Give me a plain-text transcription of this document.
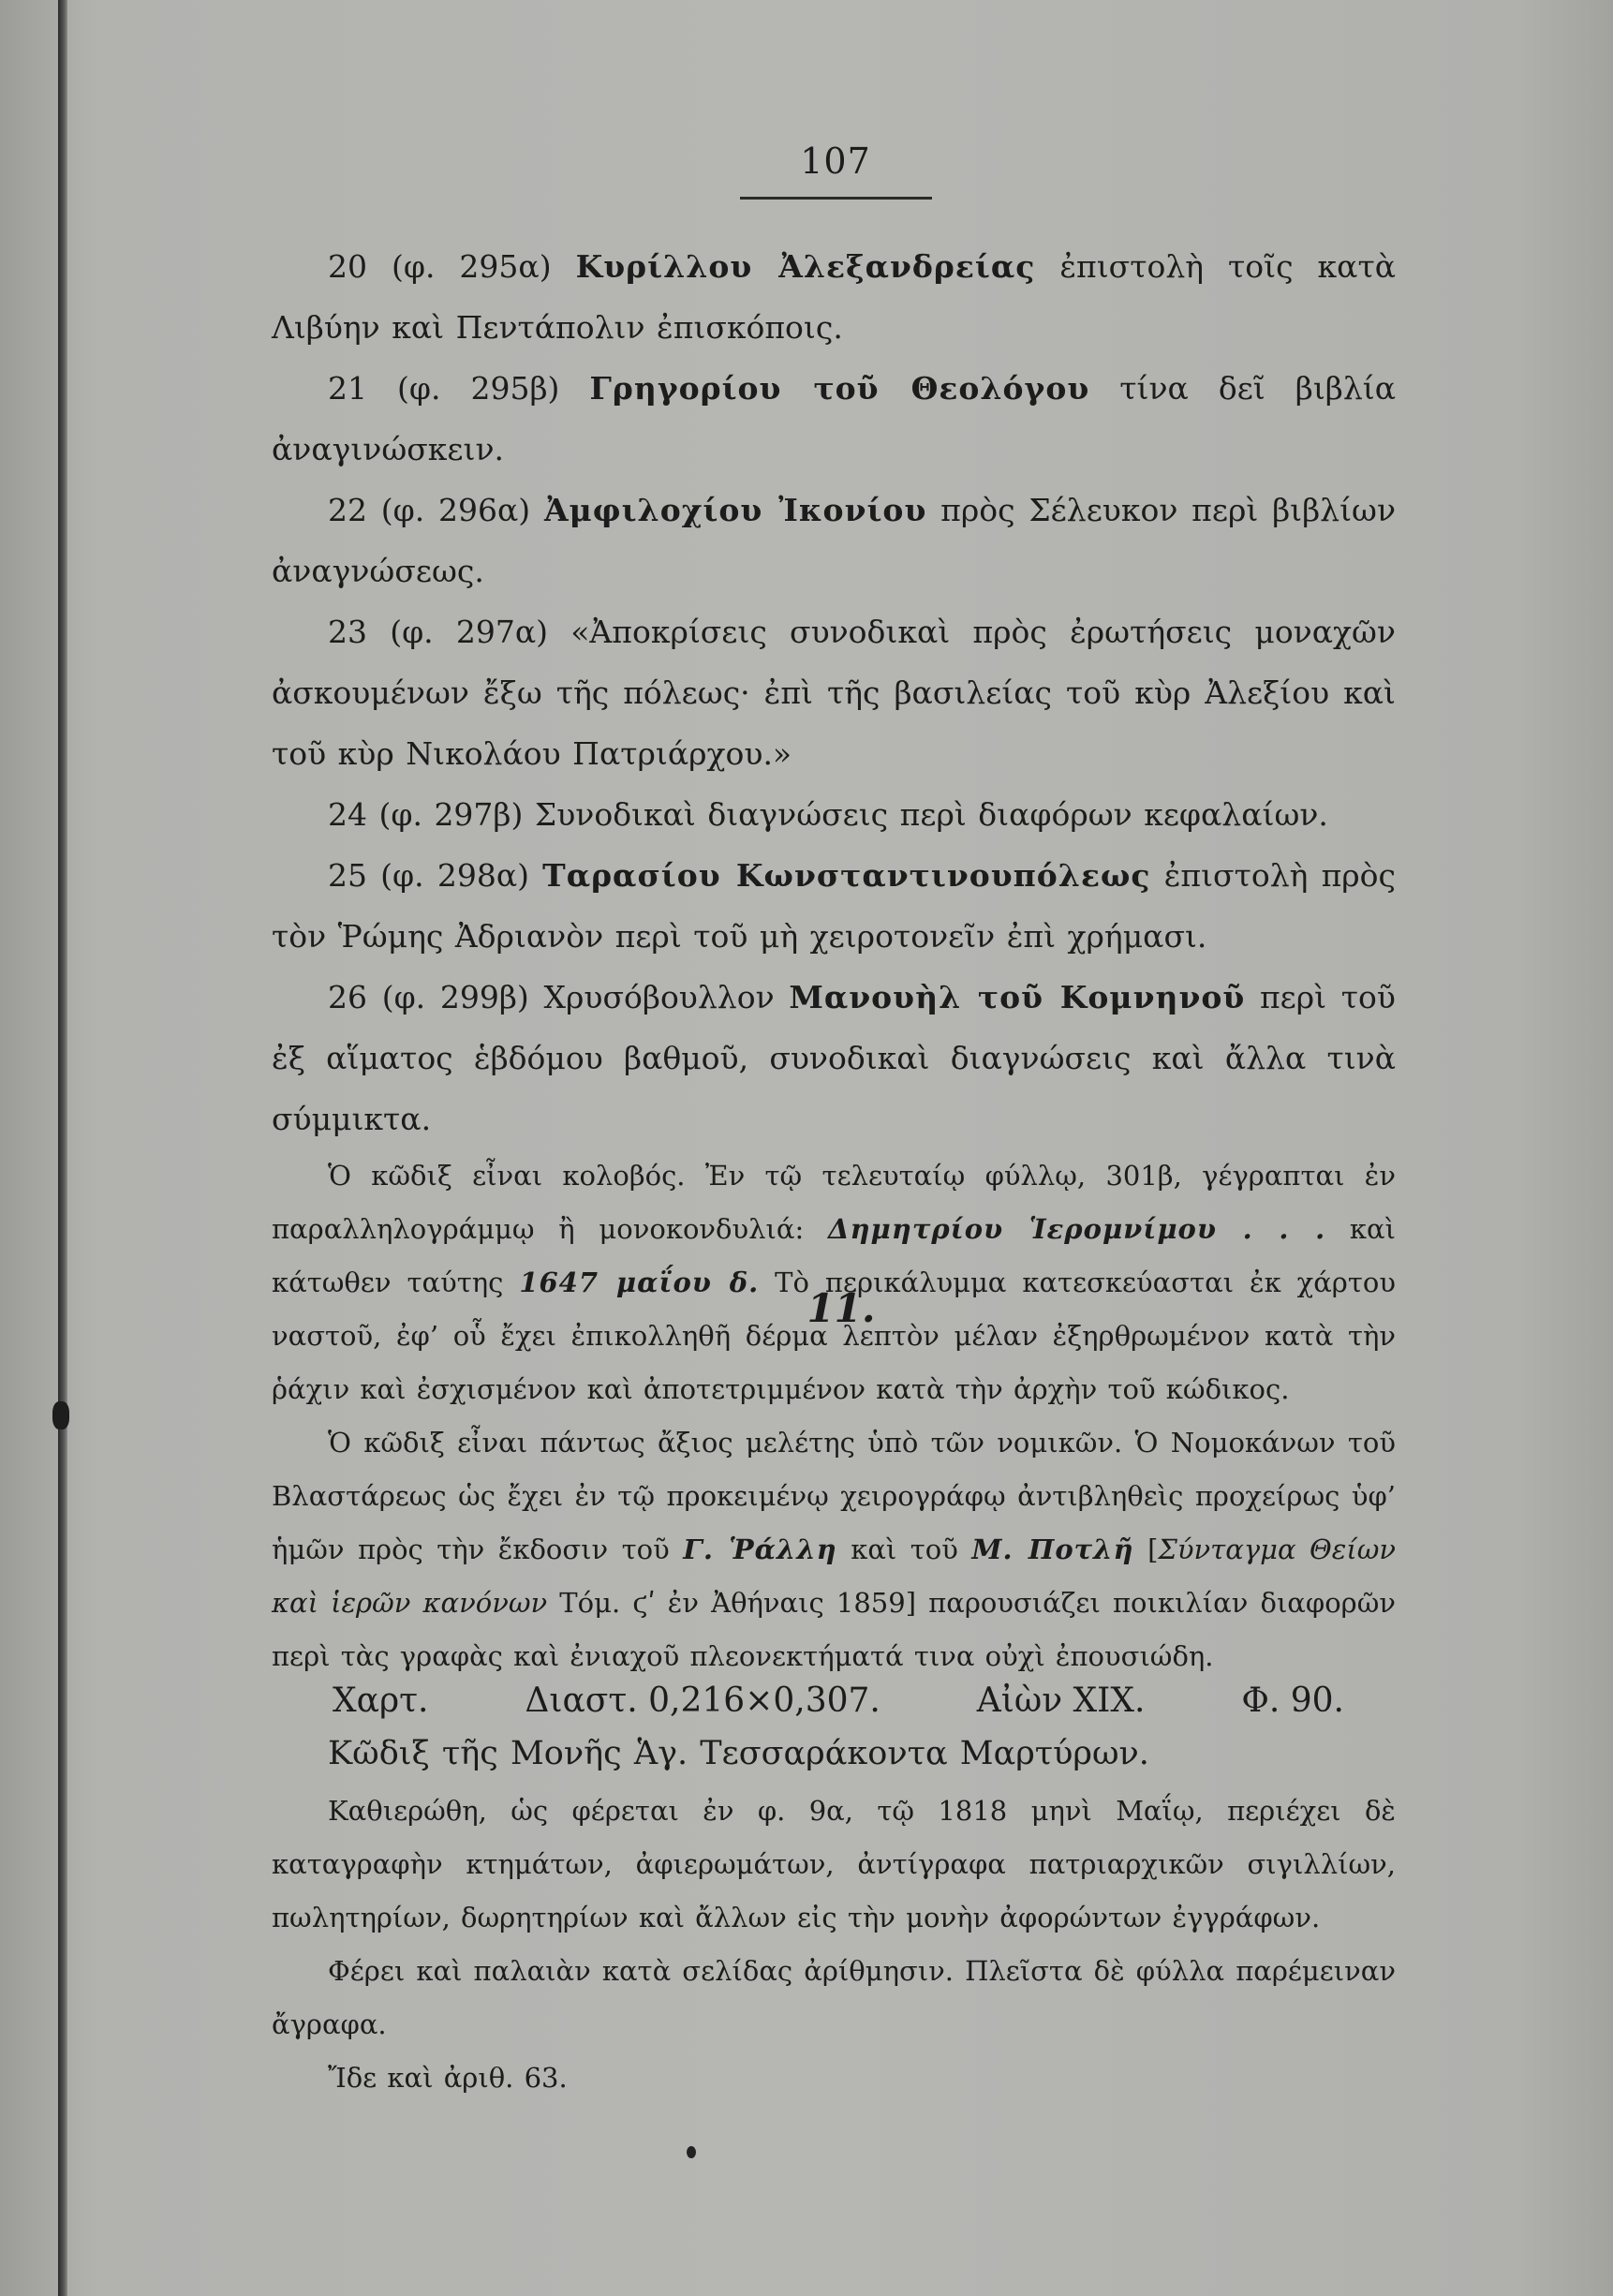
107

20 (φ. 295α) Κυρίλλου Ἀλεξανδρείας ἐπιστολὴ τοῖς κατὰ Λιβύην καὶ Πεντάπολιν ἐπισκόποις.

21 (φ. 295β) Γρηγορίου τοῦ Θεολόγου τίνα δεῖ βιβλία ἀναγινώσκειν.

22 (φ. 296α) Ἀμφιλοχίου Ἰκονίου πρὸς Σέλευκον περὶ βιβλίων ἀναγνώσεως.

23 (φ. 297α) «Ἀποκρίσεις συνοδικαὶ πρὸς ἐρωτήσεις μοναχῶν ἀσκουμένων ἔξω τῆς πόλεως· ἐπὶ τῆς βασιλείας τοῦ κὺρ Ἀλεξίου καὶ τοῦ κὺρ Νικολάου Πατριάρχου.»

24 (φ. 297β) Συνοδικαὶ διαγνώσεις περὶ διαφόρων κεφαλαίων.

25 (φ. 298α) Ταρασίου Κωνσταντινουπόλεως ἐπιστολὴ πρὸς τὸν Ῥώμης Ἀδριανὸν περὶ τοῦ μὴ χειροτονεῖν ἐπὶ χρήμασι.

26 (φ. 299β) Χρυσόβουλλον Μανουὴλ τοῦ Κομνηνοῦ περὶ τοῦ ἐξ αἵματος ἑβδόμου βαθμοῦ, συνοδικαὶ διαγνώσεις καὶ ἄλλα τινὰ σύμμικτα.

Ὁ κῶδιξ εἶναι κολοβός. Ἐν τῷ τελευταίῳ φύλλῳ, 301β, γέγραπται ἐν παραλληλογράμμῳ ἢ μονοκονδυλιά: Δημητρίου Ἱερομνίμου . . . καὶ κάτωθεν ταύτης 1647 μαΐου δ. Τὸ περικάλυμμα κατεσκεύασται ἐκ χάρτου ναστοῦ, ἐφ’ οὗ ἔχει ἐπικολληθῆ δέρμα λεπτὸν μέλαν ἐξηρθρωμένον κατὰ τὴν ῥάχιν καὶ ἐσχισμένον καὶ ἀποτετριμμένον κατὰ τὴν ἀρχὴν τοῦ κώδικος.

Ὁ κῶδιξ εἶναι πάντως ἄξιος μελέτης ὑπὸ τῶν νομικῶν. Ὁ Νομοκάνων τοῦ Βλαστάρεως ὡς ἔχει ἐν τῷ προκειμένῳ χειρογράφῳ ἀντιβληθεὶς προχείρως ὑφ’ ἡμῶν πρὸς τὴν ἔκδοσιν τοῦ Γ. Ῥάλλη καὶ τοῦ Μ. Ποτλῆ [Σύνταγμα Θείων καὶ ἱερῶν κανόνων Τόμ. ϛʹ ἐν Ἀθήναις 1859] παρουσιάζει ποικιλίαν διαφορῶν περὶ τὰς γραφὰς καὶ ἐνιαχοῦ πλεονεκτήματά τινα οὐχὶ ἐπουσιώδη.

11.
Χαρτ.	Διαστ. 0,216×0,307.	Αἰὼν XIX.	Φ. 90.

Κῶδιξ τῆς Μονῆς Ἁγ. Τεσσαράκοντα Μαρτύρων.

Καθιερώθη, ὡς φέρεται ἐν φ. 9α, τῷ 1818 μηνὶ Μαΐῳ, περιέχει δὲ καταγραφὴν κτημάτων, ἀφιερωμάτων, ἀντίγραφα πατριαρχικῶν σιγιλλίων, πωλητηρίων, δωρητηρίων καὶ ἄλλων εἰς τὴν μονὴν ἀφορώντων ἐγγράφων.

Φέρει καὶ παλαιὰν κατὰ σελίδας ἀρίθμησιν. Πλεῖστα δὲ φύλλα παρέμειναν ἄγραφα.

Ἴδε καὶ ἀριθ. 63.
